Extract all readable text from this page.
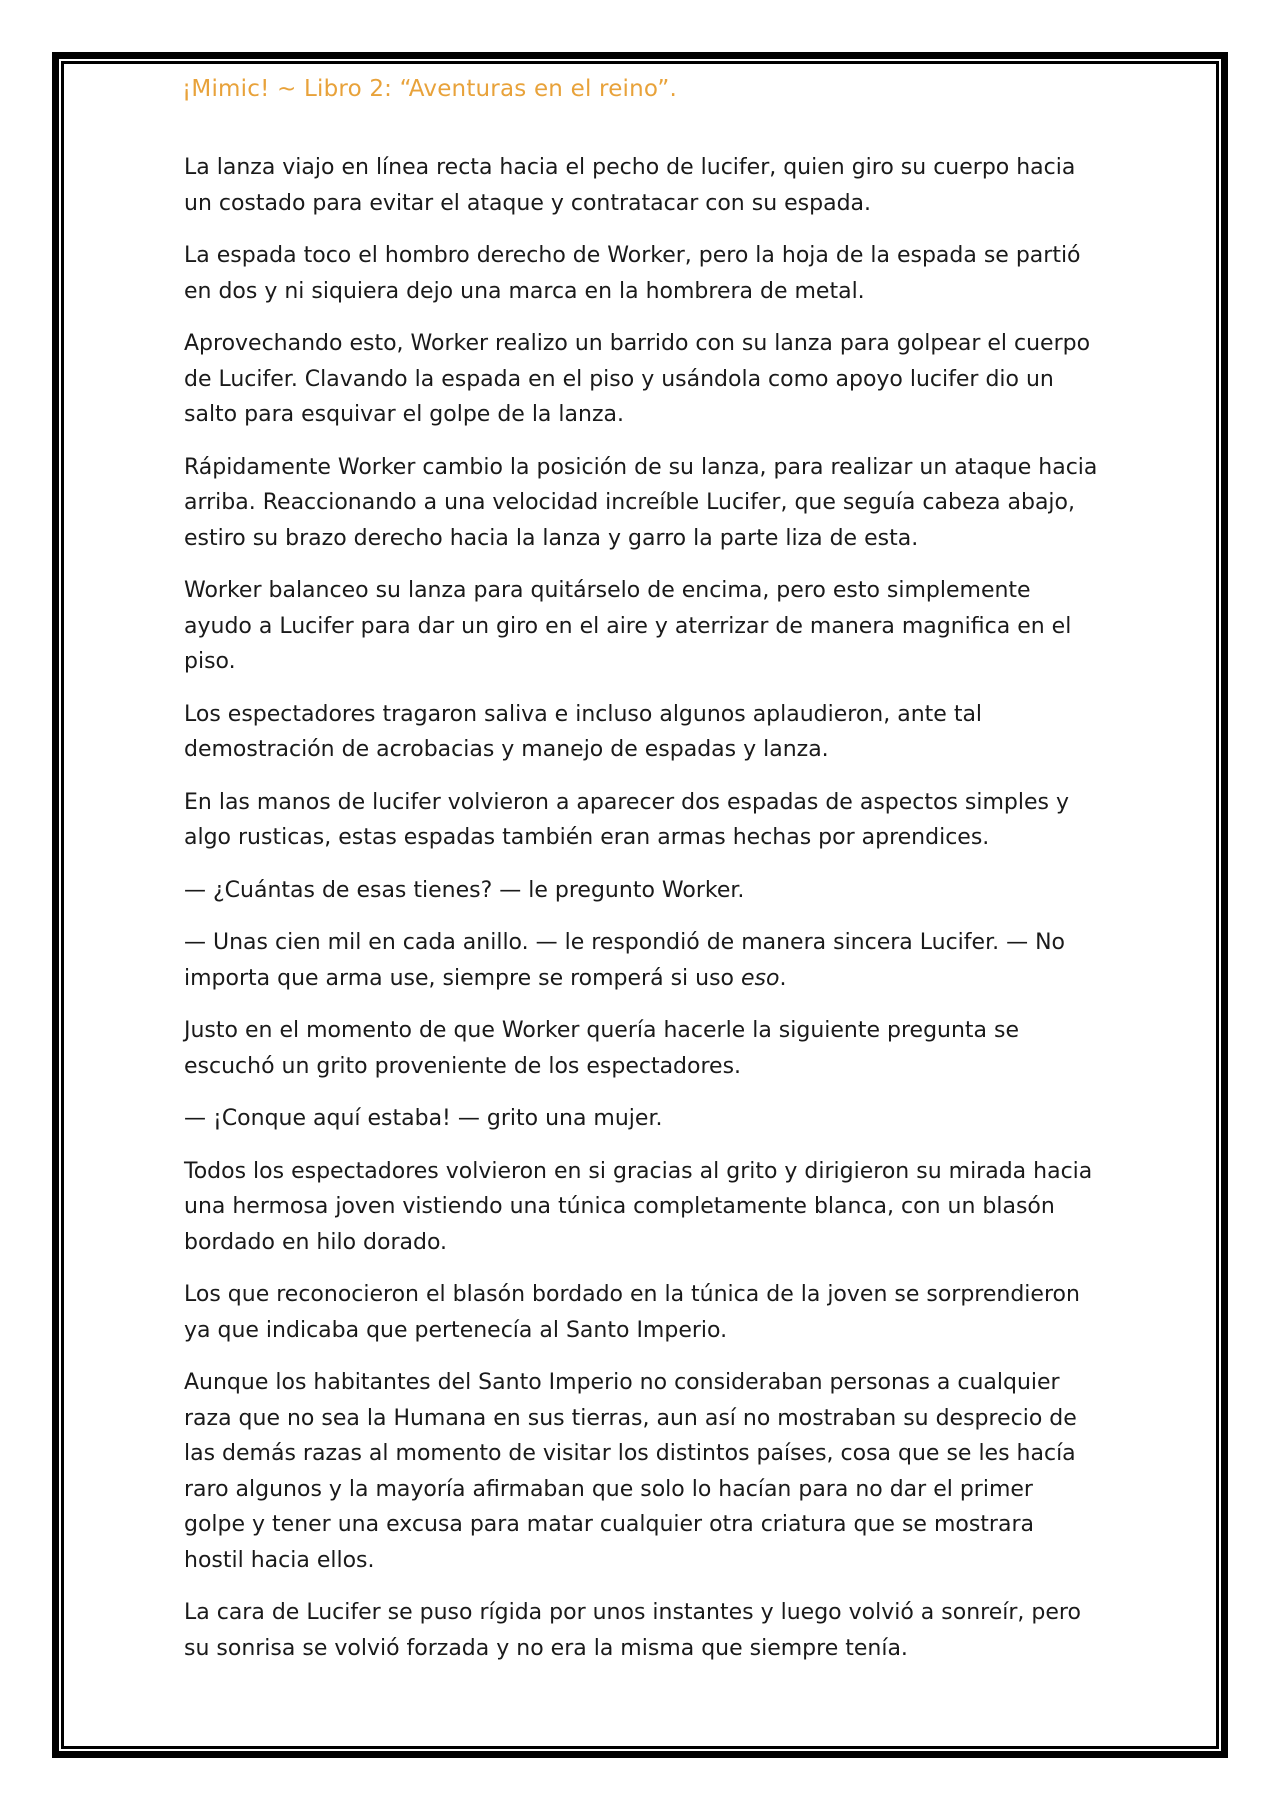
¡Mimic! ~ Libro 2: “Aventuras en el reino”.

La lanza viajo en línea recta hacia el pecho de lucifer, quien giro su cuerpo hacia un costado para evitar el ataque y contratacar con su espada.

La espada toco el hombro derecho de Worker, pero la hoja de la espada se partió en dos y ni siquiera dejo una marca en la hombrera de metal.

Aprovechando esto, Worker realizo un barrido con su lanza para golpear el cuerpo de Lucifer. Clavando la espada en el piso y usándola como apoyo lucifer dio un salto para esquivar el golpe de la lanza.

Rápidamente Worker cambio la posición de su lanza, para realizar un ataque hacia arriba. Reaccionando a una velocidad increíble Lucifer, que seguía cabeza abajo, estiro su brazo derecho hacia la lanza y garro la parte liza de esta.

Worker balanceo su lanza para quitárselo de encima, pero esto simplemente ayudo a Lucifer para dar un giro en el aire y aterrizar de manera magnifica en el piso.

Los espectadores tragaron saliva e incluso algunos aplaudieron, ante tal demostración de acrobacias y manejo de espadas y lanza.

En las manos de lucifer volvieron a aparecer dos espadas de aspectos simples y algo rusticas, estas espadas también eran armas hechas por aprendices.

— ¿Cuántas de esas tienes? — le pregunto Worker.

— Unas cien mil en cada anillo. — le respondió de manera sincera Lucifer. — No importa que arma use, siempre se romperá si uso eso.

Justo en el momento de que Worker quería hacerle la siguiente pregunta se escuchó un grito proveniente de los espectadores.

— ¡Conque aquí estaba! — grito una mujer.

Todos los espectadores volvieron en si gracias al grito y dirigieron su mirada hacia una hermosa joven vistiendo una túnica completamente blanca, con un blasón bordado en hilo dorado.

Los que reconocieron el blasón bordado en la túnica de la joven se sorprendieron ya que indicaba que pertenecía al Santo Imperio.

Aunque los habitantes del Santo Imperio no consideraban personas a cualquier raza que no sea la Humana en sus tierras, aun así no mostraban su desprecio de las demás razas al momento de visitar los distintos países, cosa que se les hacía raro algunos y la mayoría afirmaban que solo lo hacían para no dar el primer golpe y tener una excusa para matar cualquier otra criatura que se mostrara hostil hacia ellos.

La cara de Lucifer se puso rígida por unos instantes y luego volvió a sonreír, pero su sonrisa se volvió forzada y no era la misma que siempre tenía.
